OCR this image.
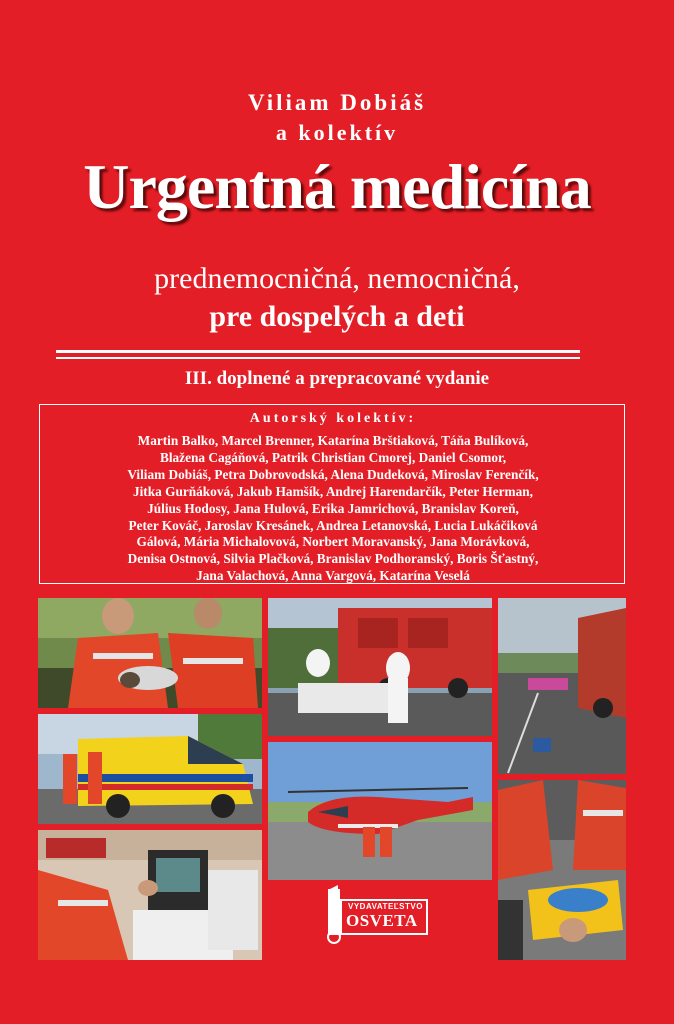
Viliam Dobiáš
a kolektív
Urgentná medicína
prednemocničná, nemocničná,
pre dospelých a deti
III. doplnené a prepracované vydanie
Autorský kolektív:
Martin Balko, Marcel Brenner, Katarína Brštiaková, Táňa Bulíková,
Blažena Cagáňová, Patrik Christian Cmorej, Daniel Csomor,
Viliam Dobiáš, Petra Dobrovodská, Alena Dudeková, Miroslav Ferenčík,
Jitka Gurňáková, Jakub Hamšík, Andrej Harendarčík, Peter Herman,
Július Hodosy, Jana Hulová, Erika Jamrichová, Branislav Koreň,
Peter Kováč, Jaroslav Kresánek, Andrea Letanovská, Lucia Lukáčiková
Gálová, Mária Michalovová, Norbert Moravanský, Jana Morávková,
Denisa Ostnová, Silvia Plačková, Branislav Podhoranský, Boris Šťastný,
Jana Valachová, Anna Vargová, Katarína Veselá
VYDAVATEĽSTVO
OSVETA
